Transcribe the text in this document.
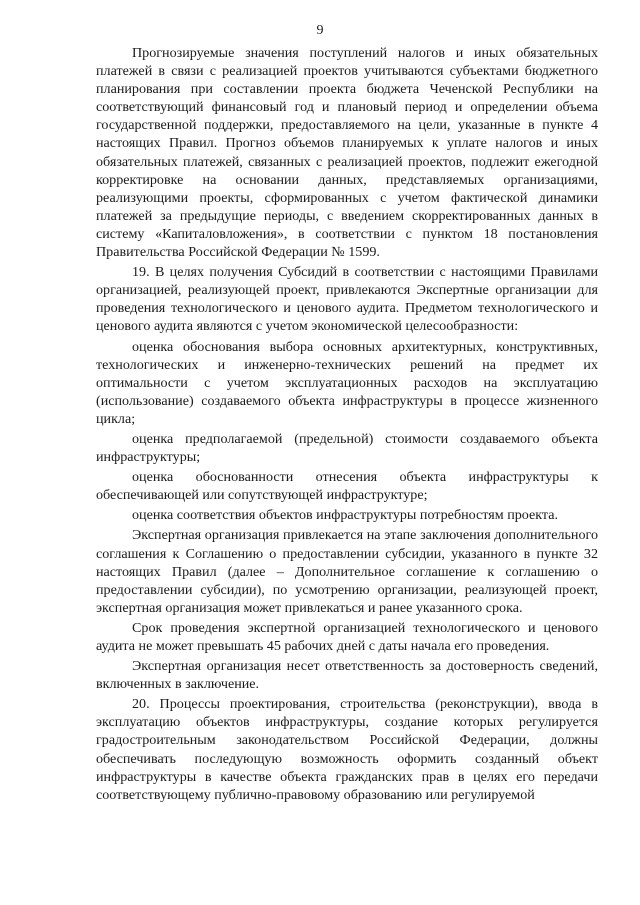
9

Прогнозируемые значения поступлений налогов и иных обязательных платежей в связи с реализацией проектов учитываются субъектами бюджетного планирования при составлении проекта бюджета Чеченской Республики на соответствующий финансовый год и плановый период и определении объема государственной поддержки, предоставляемого на цели, указанные в пункте 4 настоящих Правил. Прогноз объемов планируемых к уплате налогов и иных обязательных платежей, связанных с реализацией проектов, подлежит ежегодной корректировке на основании данных, представляемых организациями, реализующими проекты, сформированных с учетом фактической динамики платежей за предыдущие периоды, с введением скорректированных данных в систему «Капиталовложения», в соответствии с пунктом 18 постановления Правительства Российской Федерации № 1599.

19. В целях получения Субсидий в соответствии с настоящими Правилами организацией, реализующей проект, привлекаются Экспертные организации для проведения технологического и ценового аудита. Предметом технологического и ценового аудита являются с учетом экономической целесообразности:

оценка обоснования выбора основных архитектурных, конструктивных, технологических и инженерно-технических решений на предмет их оптимальности с учетом эксплуатационных расходов на эксплуатацию (использование) создаваемого объекта инфраструктуры в процессе жизненного цикла;

оценка предполагаемой (предельной) стоимости создаваемого объекта инфраструктуры;

оценка обоснованности отнесения объекта инфраструктуры к обеспечивающей или сопутствующей инфраструктуре;

оценка соответствия объектов инфраструктуры потребностям проекта.

Экспертная организация привлекается на этапе заключения дополнительного соглашения к Соглашению о предоставлении субсидии, указанного в пункте 32 настоящих Правил (далее – Дополнительное соглашение к соглашению о предоставлении субсидии), по усмотрению организации, реализующей проект, экспертная организация может привлекаться и ранее указанного срока.

Срок проведения экспертной организацией технологического и ценового аудита не может превышать 45 рабочих дней с даты начала его проведения.

Экспертная организация несет ответственность за достоверность сведений, включенных в заключение.

20. Процессы проектирования, строительства (реконструкции), ввода в эксплуатацию объектов инфраструктуры, создание которых регулируется градостроительным законодательством Российской Федерации, должны обеспечивать последующую возможность оформить созданный объект инфраструктуры в качестве объекта гражданских прав в целях его передачи соответствующему публично-правовому образованию или регулируемой
